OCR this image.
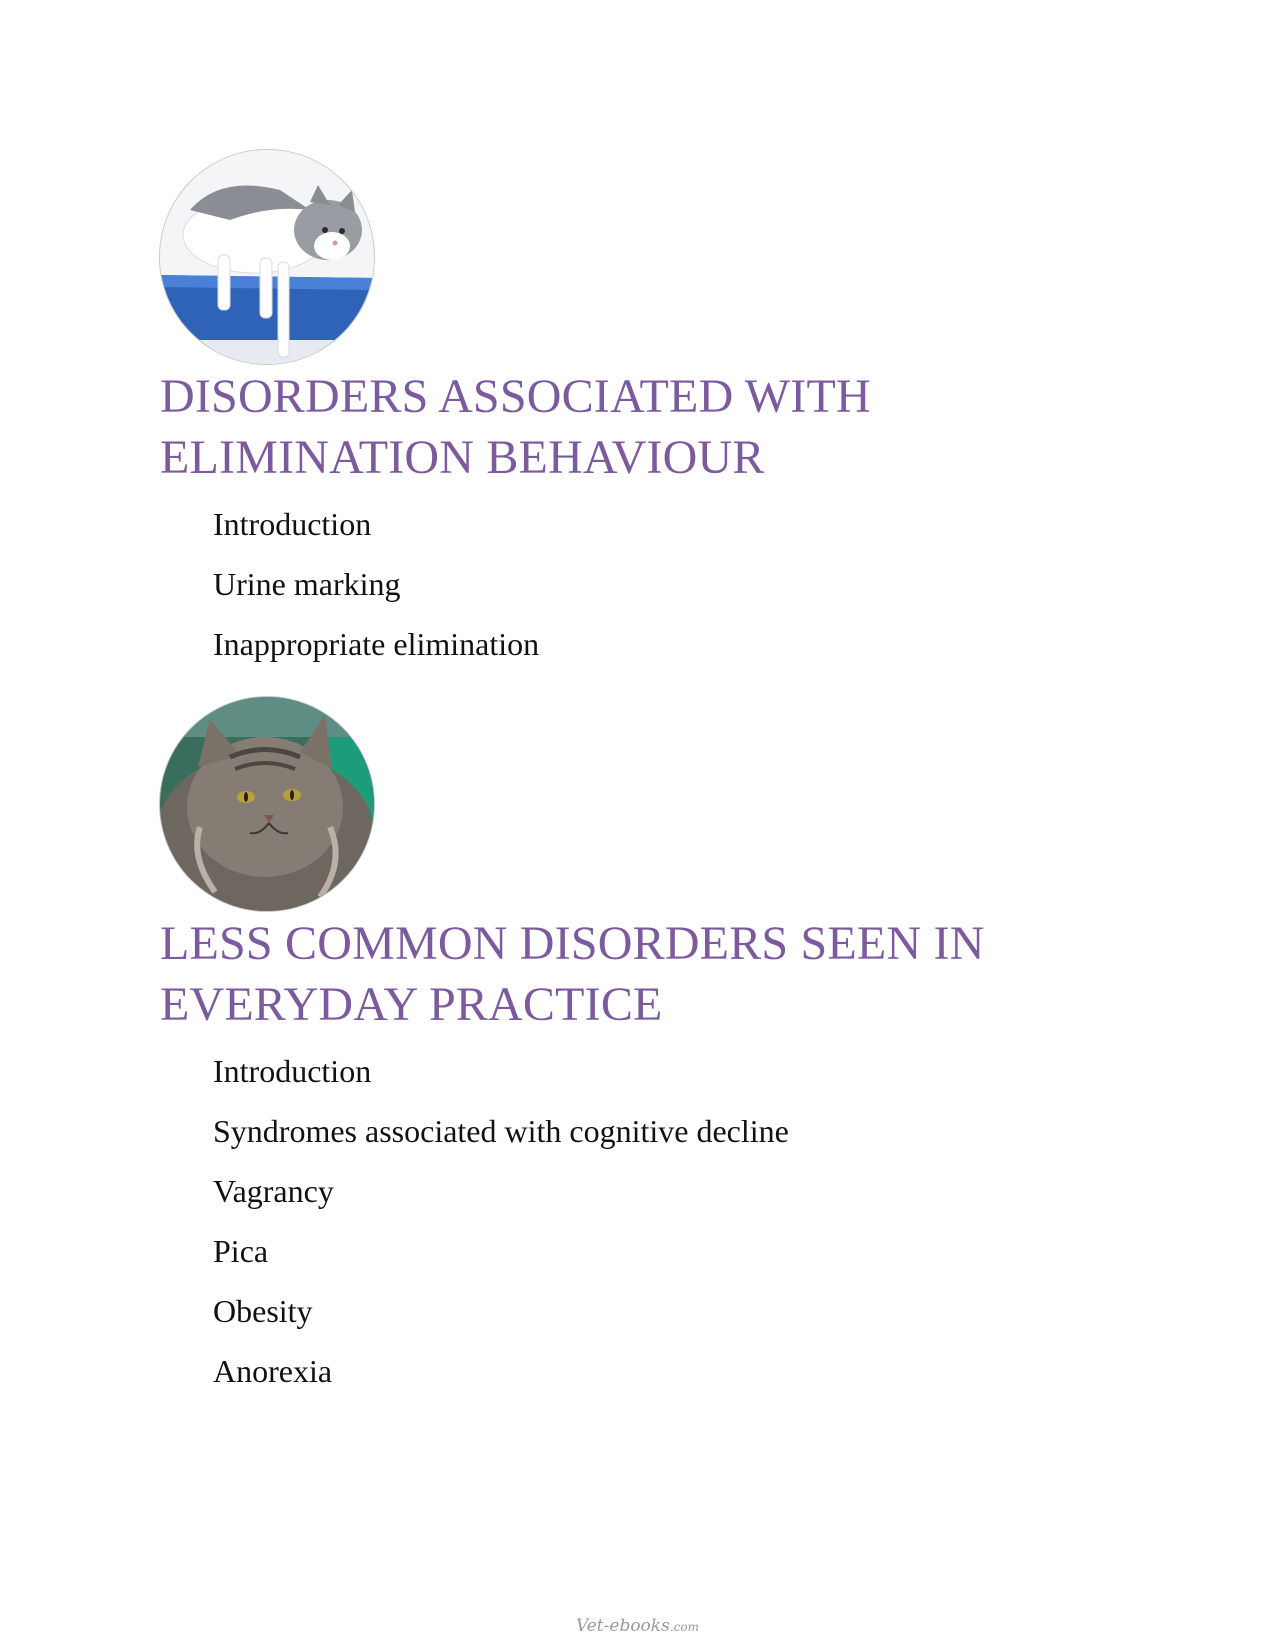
DISORDERS ASSOCIATED WITH ELIMINATION BEHAVIOUR
Introduction
Urine marking
Inappropriate elimination
LESS COMMON DISORDERS SEEN IN EVERYDAY PRACTICE
Introduction
Syndromes associated with cognitive decline
Vagrancy
Pica
Obesity
Anorexia
Vet-ebooks.com
